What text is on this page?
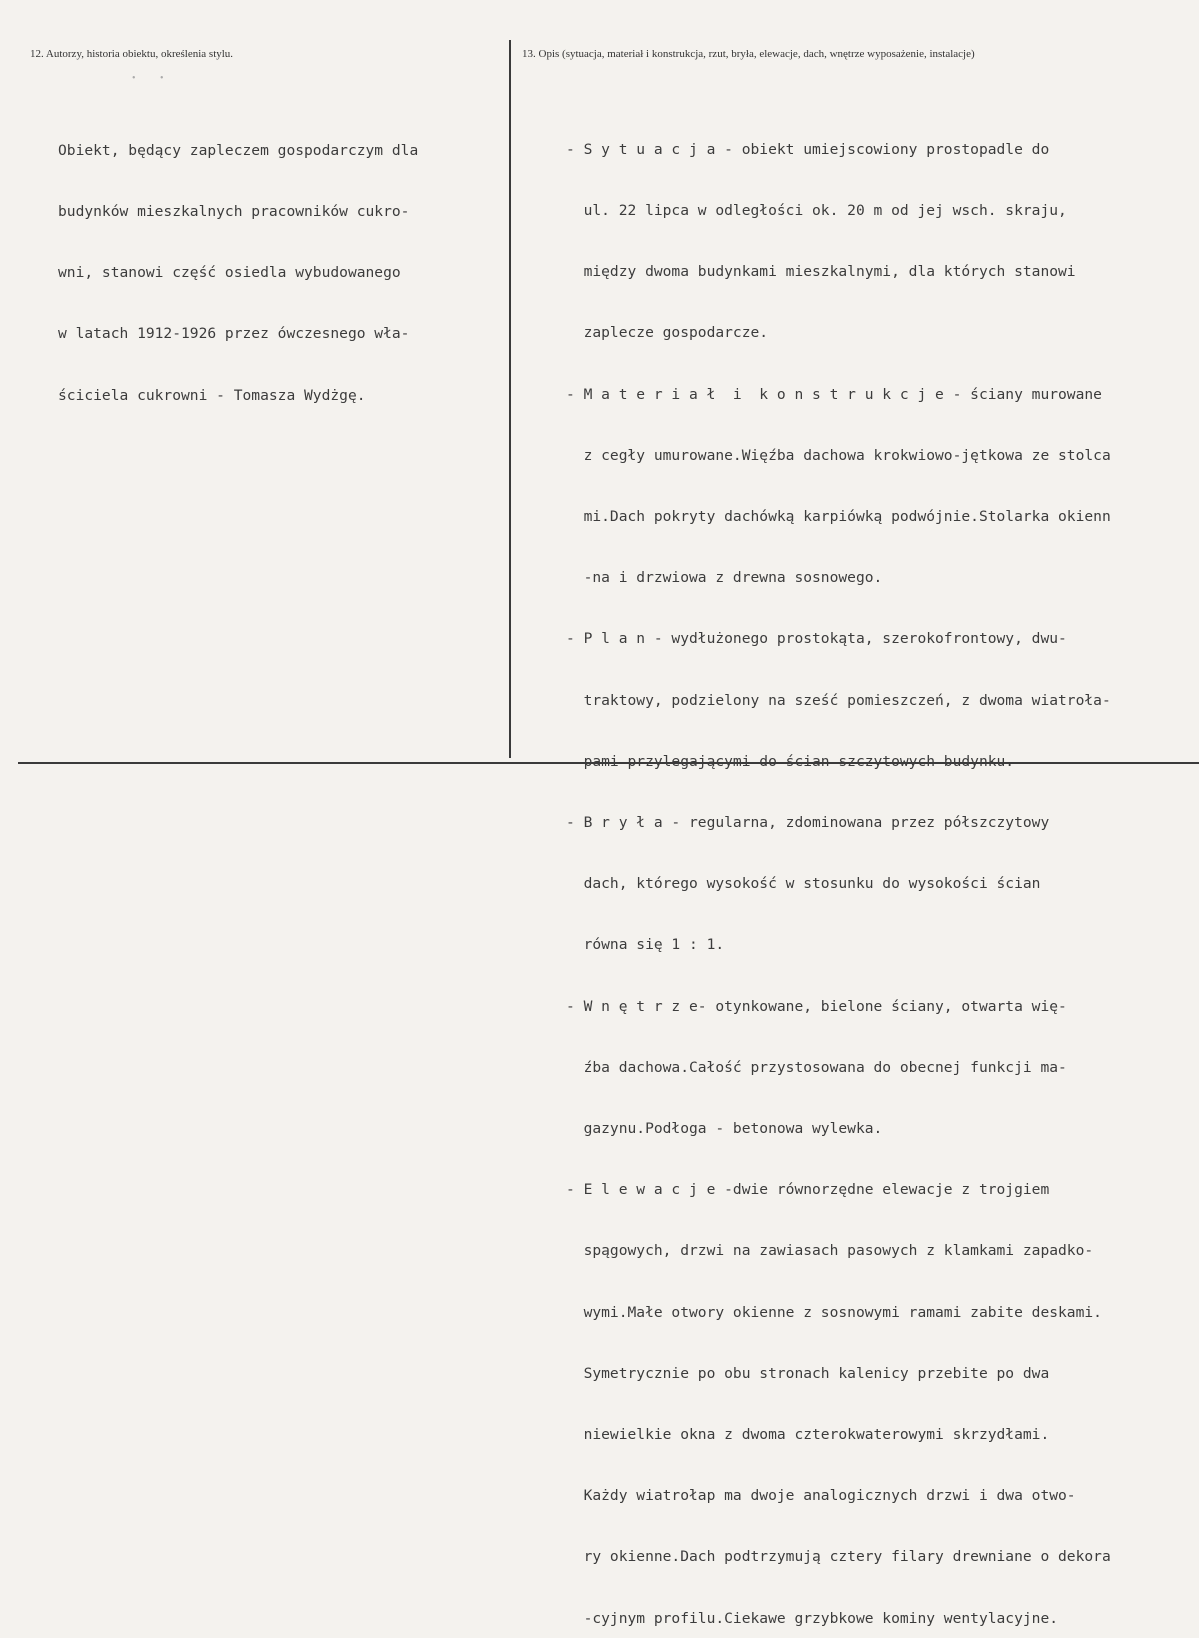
12. Autorzy, historia obiektu, określenia stylu.	13. Opis (sytuacja, materiał i konstrukcja, rzut, bryła, elewacje, dach, wnętrze wyposażenie, instalacje)
• •

Obiekt, będący zapleczem gospodarczym dla

budynków mieszkalnych pracowników cukro-

wni, stanowi część osiedla wybudowanego

w latach 1912-1926 przez ówczesnego wła-

ściciela cukrowni - Tomasza Wydżgę.

- S y t u a c j a - obiekt umiejscowiony prostopadle do

ul. 22 lipca w odległości ok. 20 m od jej wsch. skraju,

między dwoma budynkami mieszkalnymi, dla których stanowi

zaplecze gospodarcze.

- M a t e r i a ł  i  k o n s t r u k c j e - ściany murowane

z cegły umurowane.Więźba dachowa krokwiowo-jętkowa ze stolca

mi.Dach pokryty dachówką karpiówką podwójnie.Stolarka okienn

-na i drzwiowa z drewna sosnowego.

- P l a n - wydłużonego prostokąta, szerokofrontowy, dwu-

traktowy, podzielony na sześć pomieszczeń, z dwoma wiatroła-

pami przylegającymi do ścian szczytowych budynku.

- B r y ł a - regularna, zdominowana przez półszczytowy

dach, którego wysokość w stosunku do wysokości ścian

równa się 1 : 1.

- W n ę t r z e- otynkowane, bielone ściany, otwarta wię-

źba dachowa.Całość przystosowana do obecnej funkcji ma-

gazynu.Podłoga - betonowa wylewka.

- E l e w a c j e -dwie równorzędne elewacje z trojgiem

spągowych, drzwi na zawiasach pasowych z klamkami zapadko-

wymi.Małe otwory okienne z sosnowymi ramami zabite deskami.

Symetrycznie po obu stronach kalenicy przebite po dwa

niewielkie okna z dwoma czterokwaterowymi skrzydłami.

Każdy wiatrołap ma dwoje analogicznych drzwi i dwa otwo-

ry okienne.Dach podtrzymują cztery filary drewniane o dekora

-cyjnym profilu.Ciekawe grzybkowe kominy wentylacyjne.
